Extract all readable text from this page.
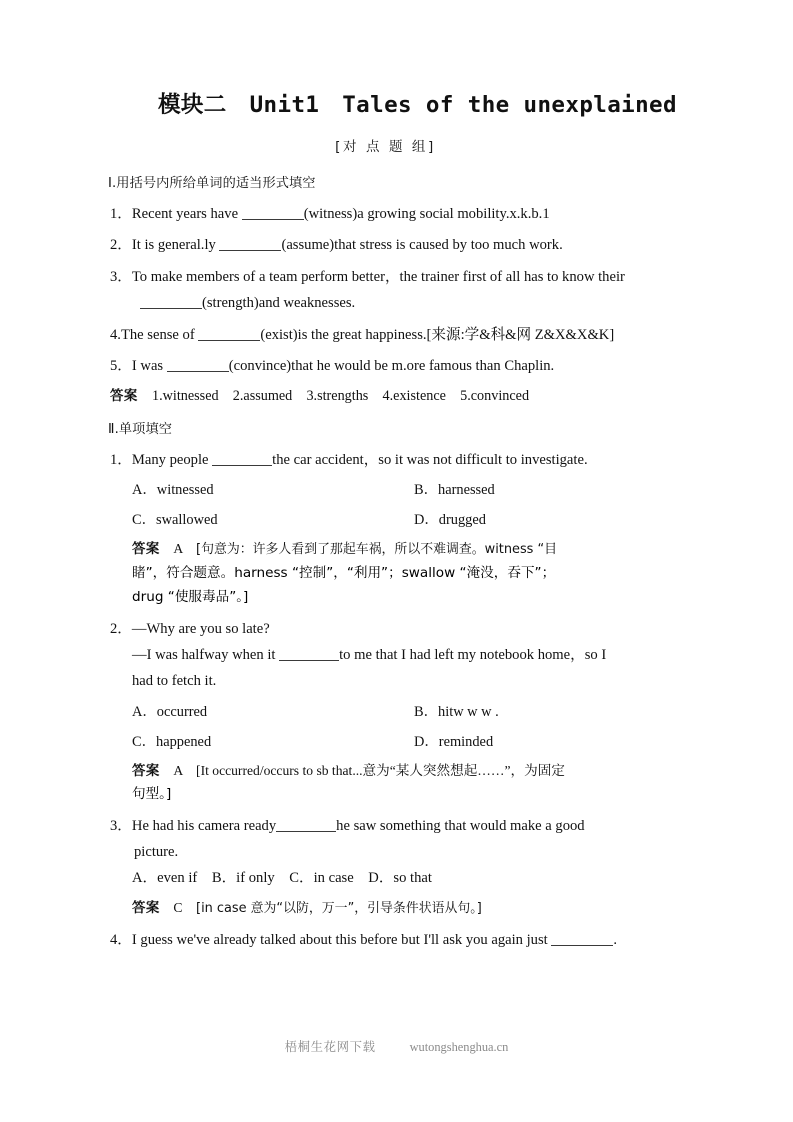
模块二　Unit1　Tales of the unexplained
[对 点 题 组]
Ⅰ.用括号内所给单词的适当形式填空

1．Recent years have	(witness)a growing social mobility.x.k.b.1

2．It is general.ly	(assume)that stress is caused by too much work.

3．To make members of a team perform better，the trainer first of all has to know their

(strength)and weaknesses.

4.The sense of	(exist)is the great happiness.[来源:学&科&网 Z&X&X&K]

5．I was	(convince)that he would be m.ore famous than Chaplin.

答案　 1.witnessed　2.assumed　3.strengths　4.existence　5.convinced

Ⅱ.单项填空

1．Many people	the car accident，so it was not difficult to investigate.

A．witnessed	B．harnessed
C．swallowed	D．drugged

答案　 A　 [句意为：许多人看到了那起车祸，所以不难调查。witness “目

睹”，符合题意。harness “控制”，“利用”；swallow “淹没，吞下”；

drug “使服毒品”。]

2．—Why are you so late?

—I was halfway when it	to me that I had left my notebook home，so I

had to fetch it.

A．occurred	B．hitw w w .
C．happened	D．reminded

答案　 A　 [It occurred/occurs to sb that...意为“某人突然想起……”，为固定

句型。]

3．He had his camera ready	he saw something that would make a good

picture.

A．even if　B．if only　C．in case　D．so that

答案　 C　 [in case 意为“以防，万一”，引导条件状语从句。]

4．I guess we've already talked about this before but I'll ask you again just	.

梧桐生花网下载	wutongshenghua.cn
